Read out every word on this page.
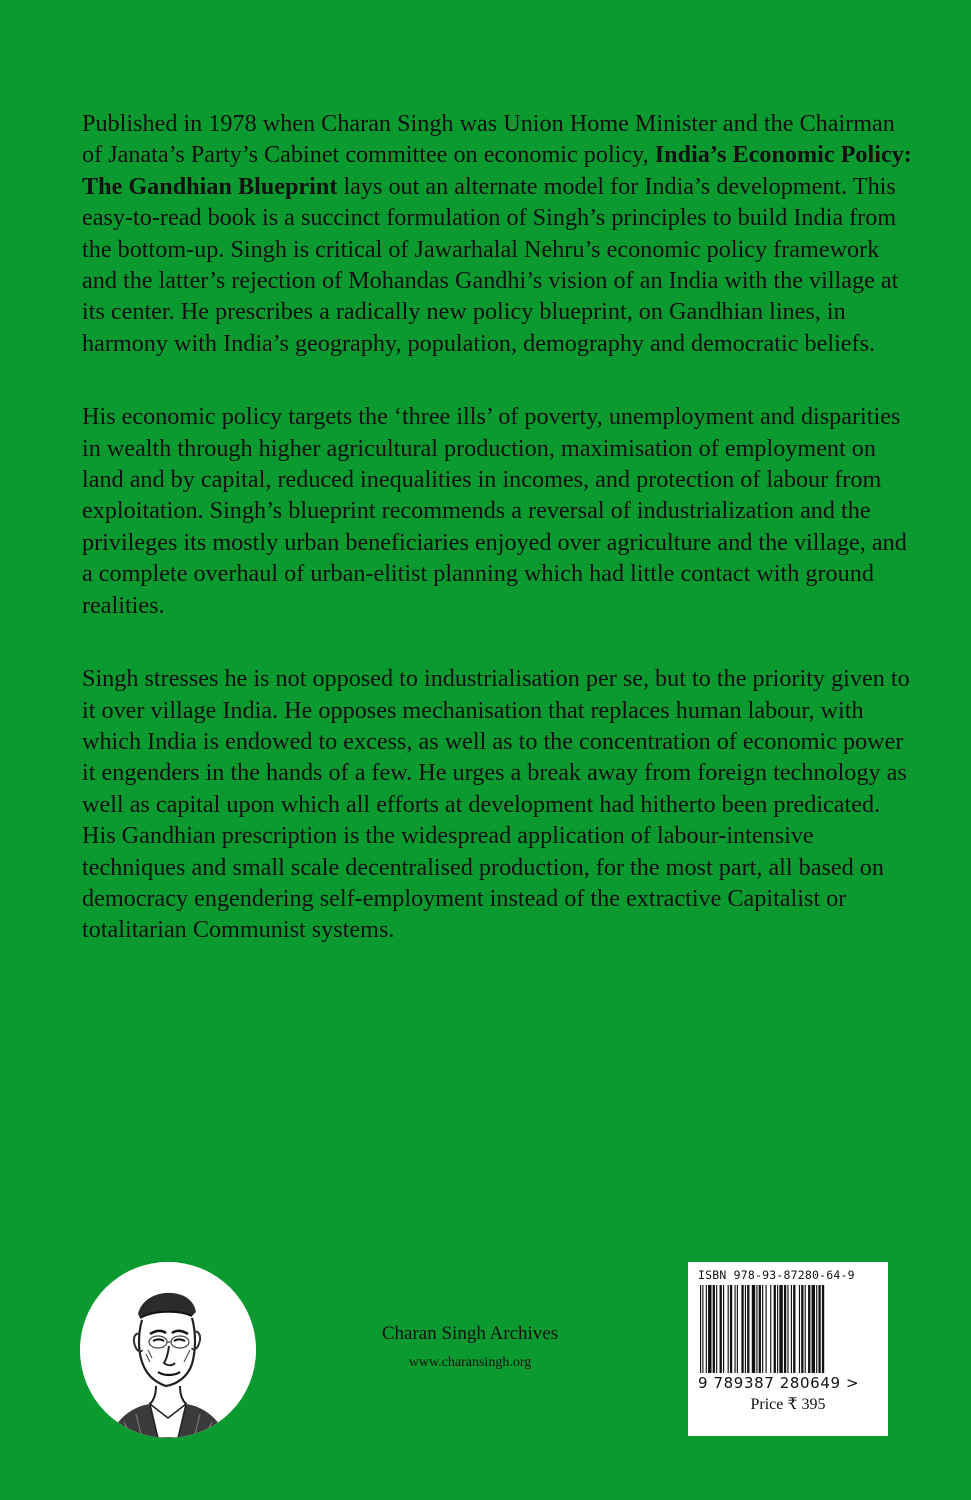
Published in 1978 when Charan Singh was Union Home Minister and the Chairman of Janata’s Party’s Cabinet committee on economic policy, India’s Economic Policy: The Gandhian Blueprint lays out an alternate model for India’s development. This easy-to-read book is a succinct formulation of Singh’s principles to build India from the bottom-up. Singh is critical of Jawarhalal Nehru’s economic policy framework and the latter’s rejection of Mohandas Gandhi’s vision of an India with the village at its center. He prescribes a radically new policy blueprint, on Gandhian lines, in harmony with India’s geography, population, demography and democratic beliefs.

His economic policy targets the ‘three ills’ of poverty, unemployment and disparities in wealth through higher agricultural production, maximisation of employment on land and by capital, reduced inequalities in incomes, and protection of labour from exploitation. Singh’s blueprint recommends a reversal of industrialization and the privileges its mostly urban beneficiaries enjoyed over agriculture and the village, and a complete overhaul of urban-elitist planning which had little contact with ground realities.

Singh stresses he is not opposed to industrialisation per se, but to the priority given to it over village India. He opposes mechanisation that replaces human labour, with which India is endowed to excess, as well as to the concentration of economic power it engenders in the hands of a few. He urges a break away from foreign technology as well as capital upon which all efforts at development had hitherto been predicated. His Gandhian prescription is the widespread application of labour-intensive techniques and small scale decentralised production, for the most part, all based on democracy engendering self-employment instead of the extractive Capitalist or totalitarian Communist systems.

Charan Singh Archives
www.charansingh.org
ISBN 978-93-87280-64-9
9 789387 280649 >
Price ₹ 395
